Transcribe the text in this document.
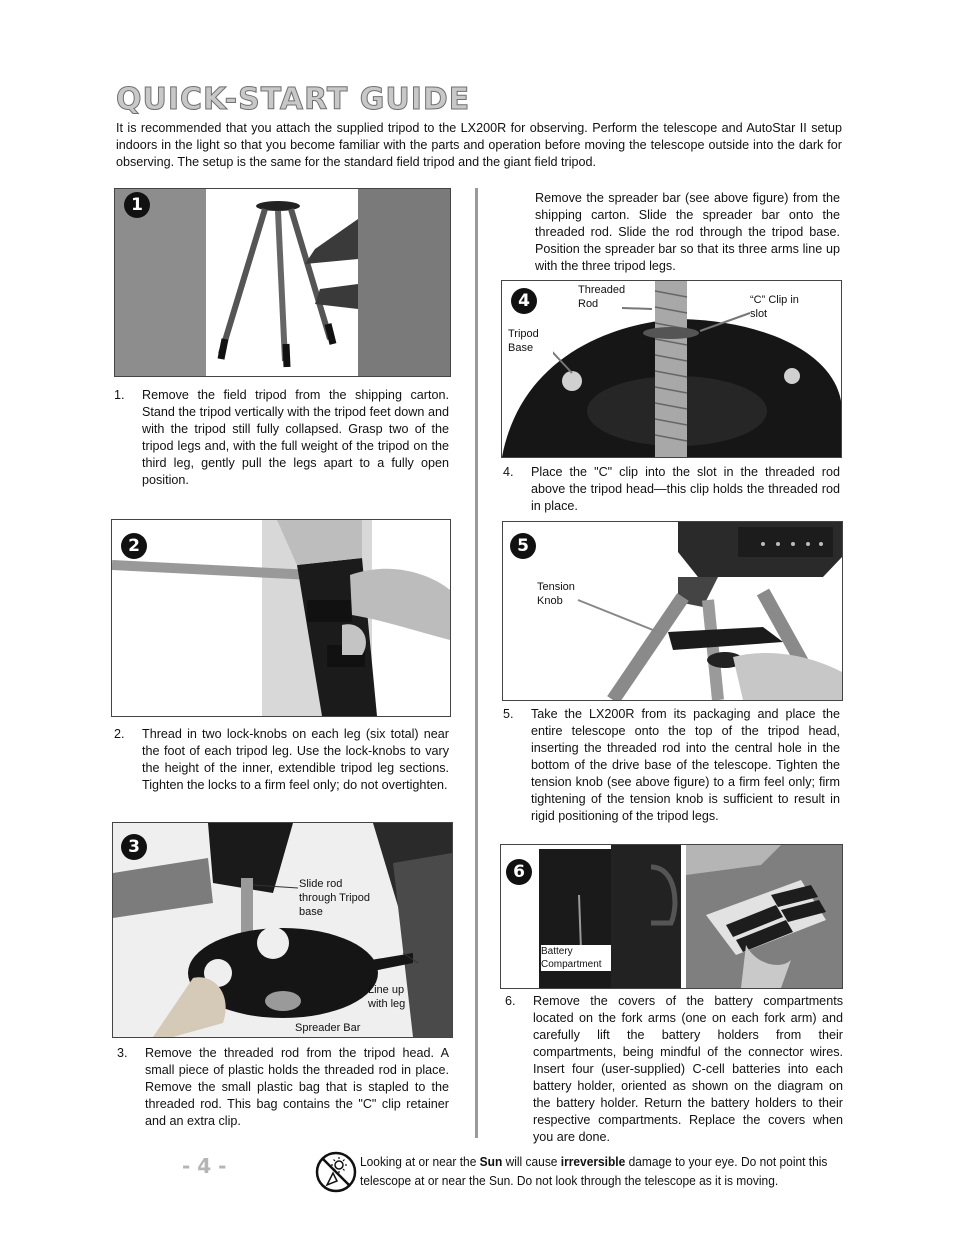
QUICK-START GUIDE
It is recommended that you attach the supplied tripod to the LX200R for observing. Perform the telescope and AutoStar II setup indoors in the light so that you become familiar with the parts and operation before moving the telescope outside into the dark for observing. The setup is the same for the standard field tripod and the giant field tripod.
1
1. Remove the field tripod from the shipping carton. Stand the tripod vertically with the tripod feet down and with the tripod still fully collapsed. Grasp two of the tripod legs and, with the full weight of the tripod on the third leg, gently pull the legs apart to a fully open position.
2
2. Thread in two lock-knobs on each leg (six total) near the foot of each tripod leg. Use the lock-knobs to vary the height of the inner, extendible tripod leg sections. Tighten the locks to a firm feel only; do not overtighten.
3
Slide rod through Tripod base
Line up with leg
Spreader Bar
3. Remove the threaded rod from the tripod head. A small piece of plastic holds the threaded rod in place. Remove the small plastic bag that is stapled to the threaded rod. This bag contains the "C" clip retainer and an extra clip.
Remove the spreader bar (see above figure) from the shipping carton. Slide the spreader bar onto the threaded rod. Slide the rod through the tripod base. Position the spreader bar so that its three arms line up with the three tripod legs.
4
Threaded Rod	“C” Clip in slot
Tripod Base
4. Place the "C" clip into the slot in the threaded rod above the tripod head—this clip holds the threaded rod in place.
5
Tension Knob
5. Take the LX200R from its packaging and place the entire telescope onto the top of the tripod head, inserting the threaded rod into the central hole in the bottom of the drive base of the telescope. Tighten the tension knob (see above figure) to a firm feel only; firm tightening of the tension knob is sufficient to result in rigid positioning of the tripod legs.
6
Battery Compartment
6. Remove the covers of the battery compartments located on the fork arms (one on each fork arm) and carefully lift the battery holders from their compartments, being mindful of the connector wires. Insert four (user-supplied) C-cell batteries into each battery holder, oriented as shown on the diagram on the battery holder. Return the battery holders to their respective compartments. Replace the covers when you are done.
- 4 -	Looking at or near the Sun will cause irreversible damage to your eye. Do not point this telescope at or near the Sun. Do not look through the telescope as it is moving.
